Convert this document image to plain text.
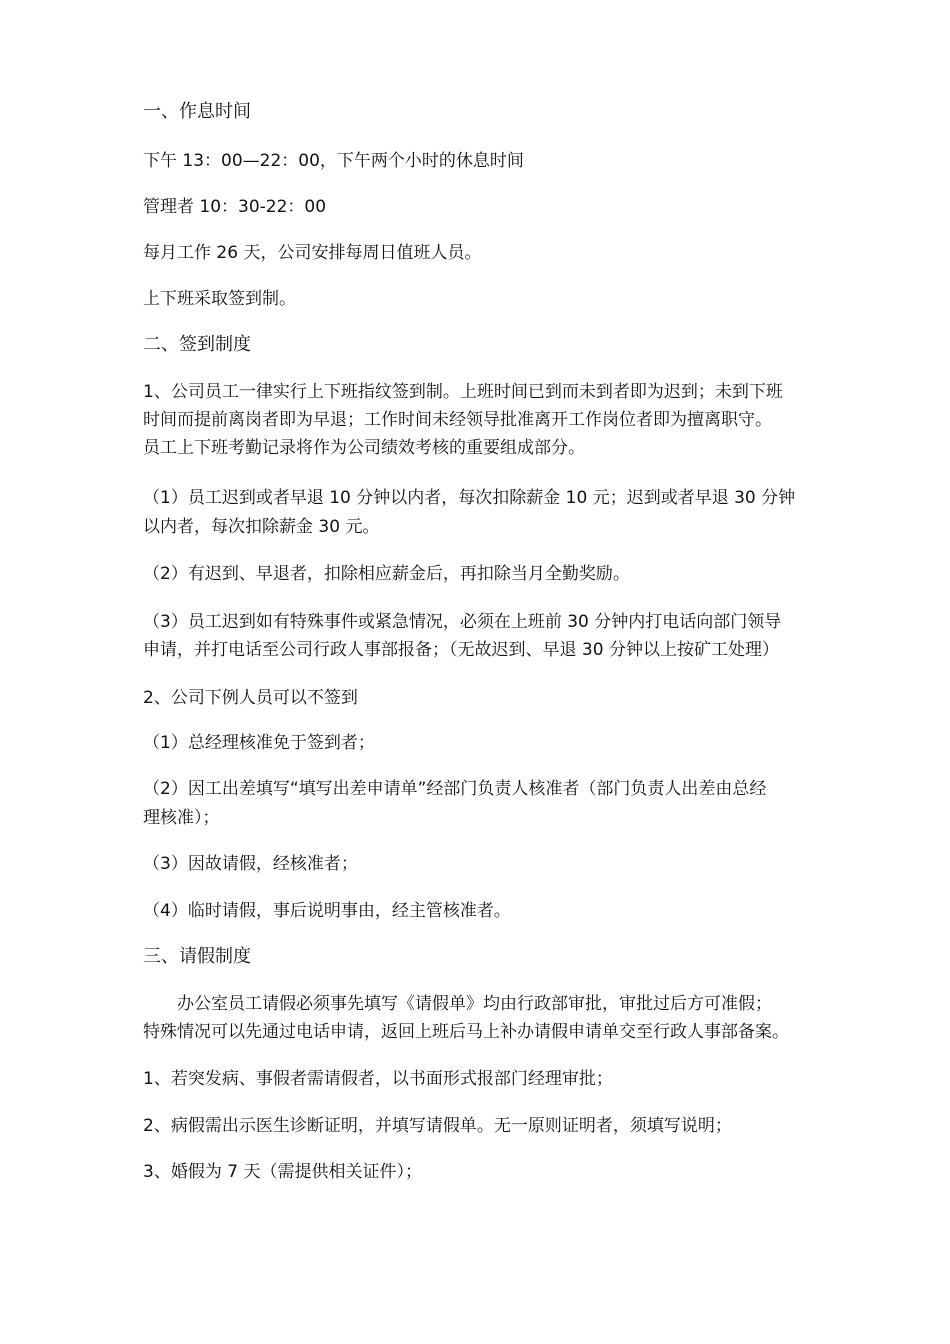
一、作息时间

下午 13：00—22：00，下午两个小时的休息时间

管理者 10：30-22：00

每月工作 26 天，公司安排每周日值班人员。

上下班采取签到制。

二、签到制度

1、公司员工一律实行上下班指纹签到制。上班时间已到而未到者即为迟到；未到下班

时间而提前离岗者即为早退；工作时间未经领导批准离开工作岗位者即为擅离职守。

员工上下班考勤记录将作为公司绩效考核的重要组成部分。

（1）员工迟到或者早退 10 分钟以内者，每次扣除薪金 10 元；迟到或者早退 30 分钟

以内者，每次扣除薪金 30 元。

（2）有迟到、早退者，扣除相应薪金后，再扣除当月全勤奖励。

（3）员工迟到如有特殊事件或紧急情况，必须在上班前 30 分钟内打电话向部门领导

申请，并打电话至公司行政人事部报备；（无故迟到、早退 30 分钟以上按矿工处理）

2、公司下例人员可以不签到

（1）总经理核准免于签到者；

（2）因工出差填写“填写出差申请单”经部门负责人核准者（部门负责人出差由总经

理核准）；

（3）因故请假，经核准者；

（4）临时请假，事后说明事由，经主管核准者。

三、请假制度

办公室员工请假必须事先填写《请假单》均由行政部审批，审批过后方可准假；

特殊情况可以先通过电话申请，返回上班后马上补办请假申请单交至行政人事部备案。

1、若突发病、事假者需请假者，以书面形式报部门经理审批；

2、病假需出示医生诊断证明，并填写请假单。无一原则证明者，须填写说明；

3、婚假为 7 天（需提供相关证件）；
